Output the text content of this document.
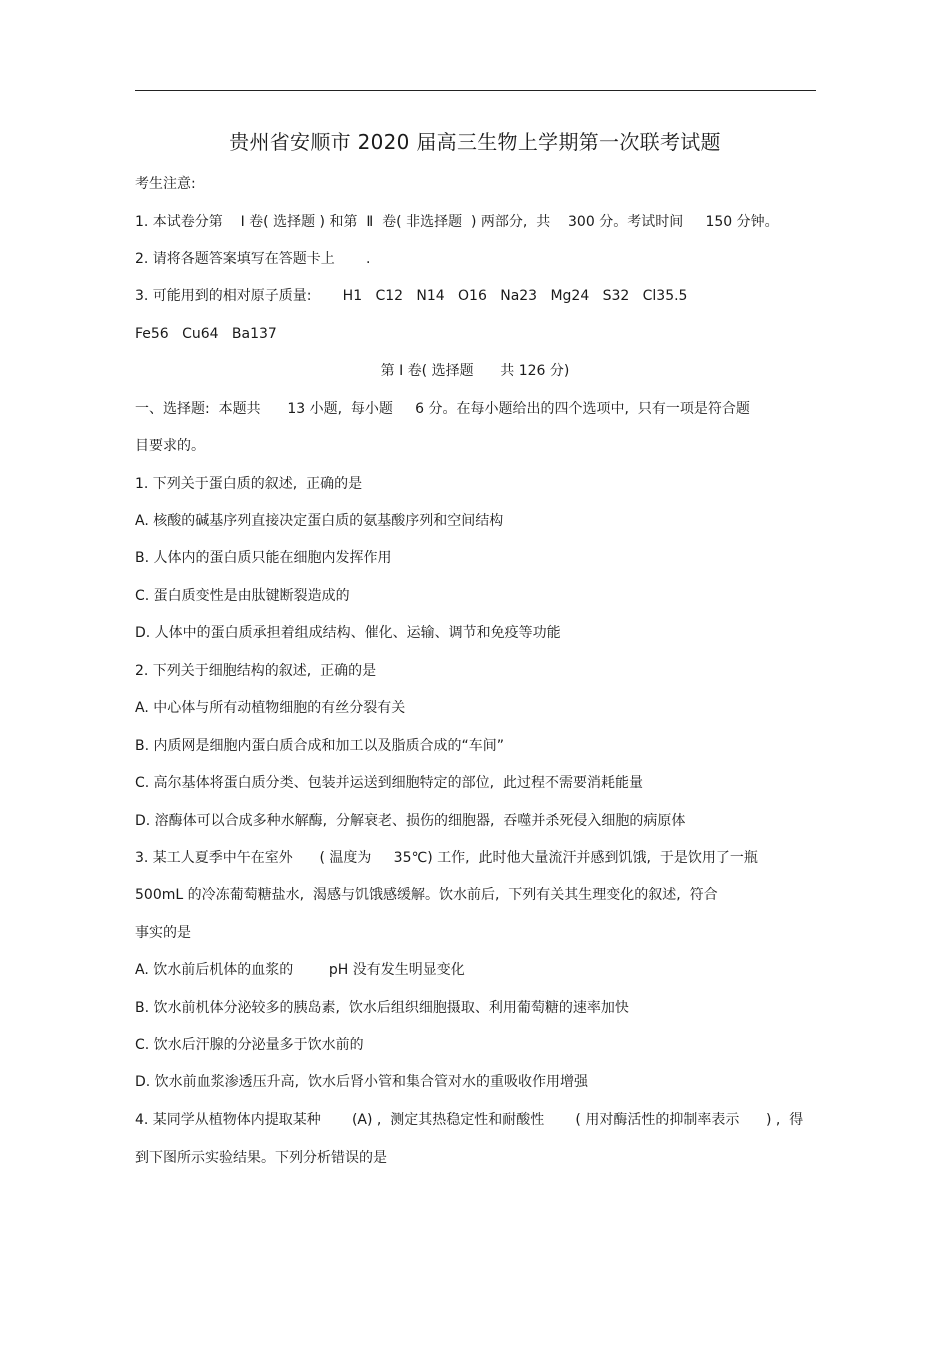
贵州省安顺市 2020 届高三生物上学期第一次联考试题
考生注意:
1. 本试卷分第    Ⅰ 卷( 选择题 ) 和第  Ⅱ  卷( 非选择题  ) 两部分,  共    300 分。考试时间     150 分钟。
2. 请将各题答案填写在答题卡上       .
3. 可能用到的相对原子质量:       H1   C12   N14   O16   Na23   Mg24   S32   Cl35.5
Fe56   Cu64   Ba137
第 Ⅰ 卷( 选择题      共 126 分)
一、选择题:  本题共      13 小题,  每小题     6 分。在每小题给出的四个选项中,  只有一项是符合题
目要求的。
1. 下列关于蛋白质的叙述,  正确的是
A. 核酸的碱基序列直接决定蛋白质的氨基酸序列和空间结构
B. 人体内的蛋白质只能在细胞内发挥作用
C. 蛋白质变性是由肽键断裂造成的
D. 人体中的蛋白质承担着组成结构、催化、运输、调节和免疫等功能
2. 下列关于细胞结构的叙述,  正确的是
A. 中心体与所有动植物细胞的有丝分裂有关
B. 内质网是细胞内蛋白质合成和加工以及脂质合成的“车间”
C. 高尔基体将蛋白质分类、包装并运送到细胞特定的部位,  此过程不需要消耗能量
D. 溶酶体可以合成多种水解酶,  分解衰老、损伤的细胞器,  吞噬并杀死侵入细胞的病原体
3. 某工人夏季中午在室外      ( 温度为     35℃) 工作,  此时他大量流汗并感到饥饿,  于是饮用了一瓶
500mL 的冷冻葡萄糖盐水,  渴感与饥饿感缓解。饮水前后,  下列有关其生理变化的叙述,  符合
事实的是
A. 饮水前后机体的血浆的        pH 没有发生明显变化
B. 饮水前机体分泌较多的胰岛素,  饮水后组织细胞摄取、利用葡萄糖的速率加快
C. 饮水后汗腺的分泌量多于饮水前的
D. 饮水前血浆渗透压升高,  饮水后肾小管和集合管对水的重吸收作用增强
4. 某同学从植物体内提取某种       (A) ,  测定其热稳定性和耐酸性       ( 用对酶活性的抑制率表示      ) ,  得
到下图所示实验结果。下列分析错误的是
